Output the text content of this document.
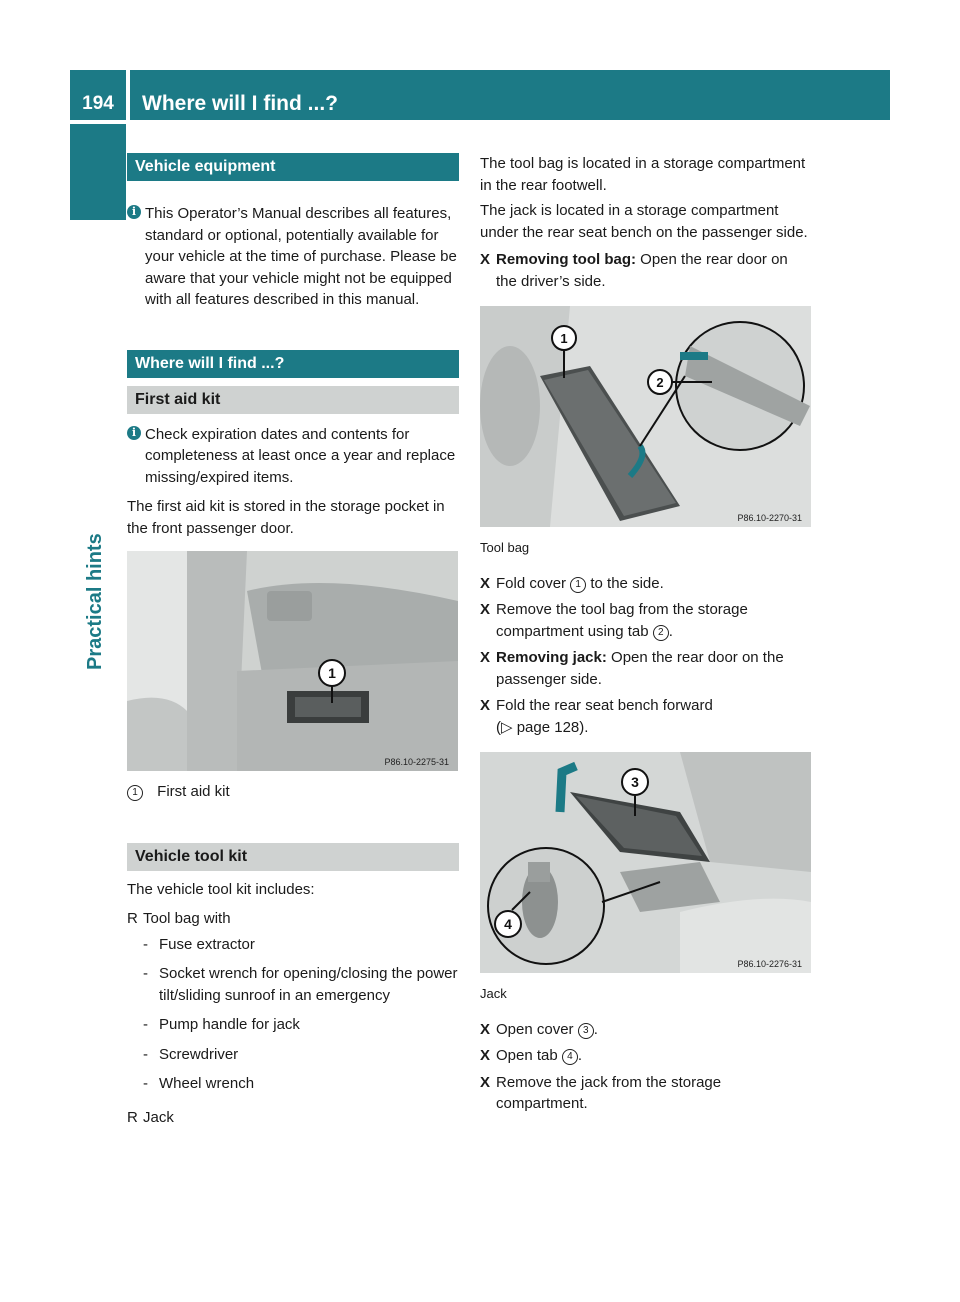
194	Where will I find ...?
Practical hints
Vehicle equipment
i This Operator’s Manual describes all features, standard or optional, potentially available for your vehicle at the time of purchase. Please be aware that your vehicle might not be equipped with all features described in this manual.

Where will I find ...?
First aid kit
i Check expiration dates and contents for completeness at least once a year and replace missing/expired items.

The first aid kit is stored in the storage pocket in the front passenger door.

1
P86.10-2275-31
1 First aid kit
Vehicle tool kit

The vehicle tool kit includes:

R Tool bag with
- Fuse extractor
- Socket wrench for opening/closing the power tilt/sliding sunroof in an emergency
- Pump handle for jack
- Screwdriver
- Wheel wrench
R Jack

The tool bag is located in a storage compartment in the rear footwell.

The jack is located in a storage compartment under the rear seat bench on the passenger side.

X Removing tool bag: Open the rear door on the driver’s side.
1
2
P86.10-2270-31

Tool bag

X Fold cover 1 to the side.
X Remove the tool bag from the storage compartment using tab 2 .
X Removing jack: Open the rear door on the passenger side.
X Fold the rear seat bench forward
(▷ page 128).
3
4
P86.10-2276-31

Jack

X Open cover 3 .
X Open tab 4 .
X Remove the jack from the storage compartment.
